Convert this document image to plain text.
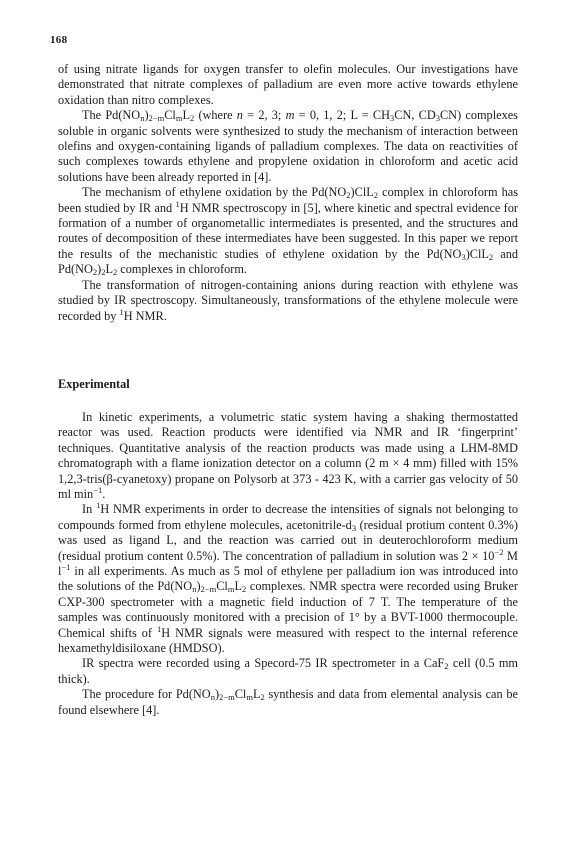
168

of using nitrate ligands for oxygen transfer to olefin molecules. Our investigations have demonstrated that nitrate complexes of palladium are even more active towards ethylene oxidation than nitro complexes.

The $Pd(NO_n)_{2-m}Cl_mL_2$ (where n = 2, 3; m = 0, 1, 2; $L = CH_3CN$, $CD_3CN$) complexes soluble in organic solvents were synthesized to study the mechanism of interaction between olefins and oxygen-containing ligands of palladium complexes. The data on reactivities of such complexes towards ethylene and propylene oxidation in chloroform and acetic acid solutions have been already reported in [4].

The mechanism of ethylene oxidation by the $Pd(NO_2)ClL_2$ complex in chloroform has been studied by IR and $^1$H NMR spectroscopy in [5], where kinetic and spectral evidence for formation of a number of organometallic intermediates is presented, and the structures and routes of decomposition of these intermediates have been suggested. In this paper we report the results of the mechanistic studies of ethylene oxidation by the $Pd(NO_3)ClL_2$ and $Pd(NO_2)_2L_2$ complexes in chloroform.

The transformation of nitrogen-containing anions during reaction with ethylene was studied by IR spectroscopy. Simultaneously, transformations of the ethylene molecule were recorded by $^1$H NMR.

Experimental

In kinetic experiments, a volumetric static system having a shaking thermostatted reactor was used. Reaction products were identified via NMR and IR ‘fingerprint’ techniques. Quantitative analysis of the reaction products was made using a LHM-8MD chromatograph with a flame ionization detector on a column (2 m × 4 mm) filled with 15% 1,2,3-tris(β-cyanetoxy) propane on Polysorb at 373 - 423 K, with a carrier gas velocity of 50 ml $\min^{-1}$.

In $^1$H NMR experiments in order to decrease the intensities of signals not belonging to compounds formed from ethylene molecules, acetonitrile-$d_3$ (residual protium content 0.3%) was used as ligand L, and the reaction was carried out in deuterochloroform medium (residual protium content 0.5%). The concentration of palladium in solution was $2 \times 10^{-2}$ M $l^{-1}$ in all experiments. As much as 5 mol of ethylene per palladium ion was introduced into the solutions of the $Pd(NO_n)_{2-m}Cl_mL_2$ complexes. NMR spectra were recorded using Bruker CXP-300 spectrometer with a magnetic field induction of 7 T. The temperature of the samples was continuously monitored with a precision of 1° by a BVT-1000 thermocouple. Chemical shifts of $^1$H NMR signals were measured with respect to the internal reference hexamethyldisiloxane (HMDSO).

IR spectra were recorded using a Specord-75 IR spectrometer in a CaF$_2$ cell (0.5 mm thick).

The procedure for $Pd(NO_n)_{2-m}Cl_mL_2$ synthesis and data from elemental analysis can be found elsewhere [4].
